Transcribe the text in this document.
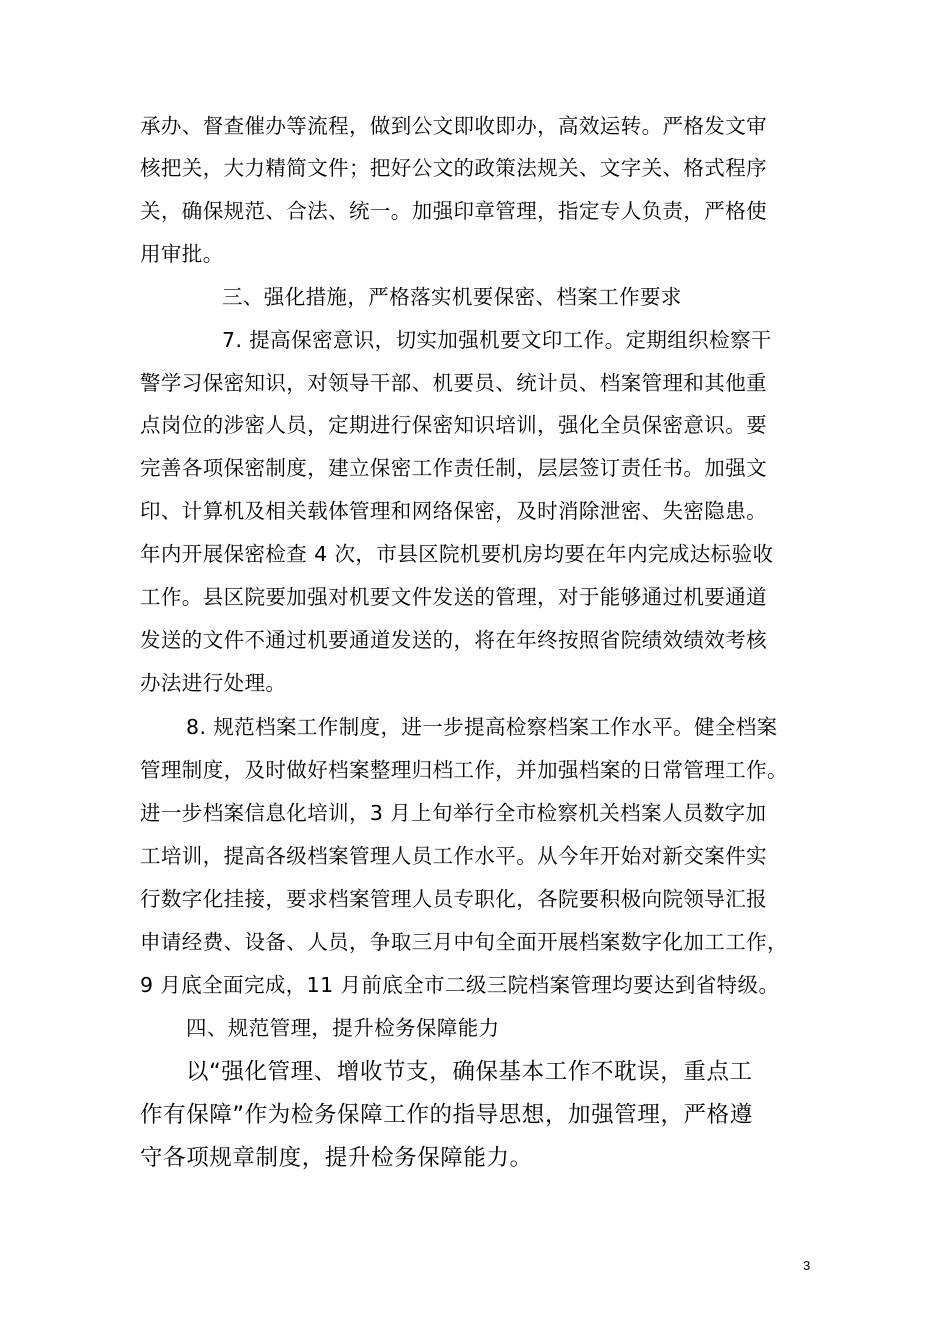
承办、督查催办等流程，做到公文即收即办，高效运转。严格发文审
核把关，大力精简文件；把好公文的政策法规关、文字关、格式程序
关，确保规范、合法、统一。加强印章管理，指定专人负责，严格使
用审批。
三、强化措施，严格落实机要保密、档案工作要求
7. 提高保密意识，切实加强机要文印工作。定期组织检察干
警学习保密知识，对领导干部、机要员、统计员、档案管理和其他重
点岗位的涉密人员，定期进行保密知识培训，强化全员保密意识。要
完善各项保密制度，建立保密工作责任制，层层签订责任书。加强文
印、计算机及相关载体管理和网络保密，及时消除泄密、失密隐患。
年内开展保密检查 4 次，市县区院机要机房均要在年内完成达标验收
工作。县区院要加强对机要文件发送的管理，对于能够通过机要通道
发送的文件不通过机要通道发送的，将在年终按照省院绩效绩效考核
办法进行处理。
8. 规范档案工作制度，进一步提高检察档案工作水平。健全档案
管理制度，及时做好档案整理归档工作，并加强档案的日常管理工作。
进一步档案信息化培训，3 月上旬举行全市检察机关档案人员数字加
工培训，提高各级档案管理人员工作水平。从今年开始对新交案件实
行数字化挂接，要求档案管理人员专职化，各院要积极向院领导汇报
申请经费、设备、人员，争取三月中旬全面开展档案数字化加工工作，
9 月底全面完成，11 月前底全市二级三院档案管理均要达到省特级。
四、规范管理，提升检务保障能力
以“强化管理、增收节支，确保基本工作不耽误，重点工
作有保障”作为检务保障工作的指导思想，加强管理，严格遵
守各项规章制度，提升检务保障能力。
3
